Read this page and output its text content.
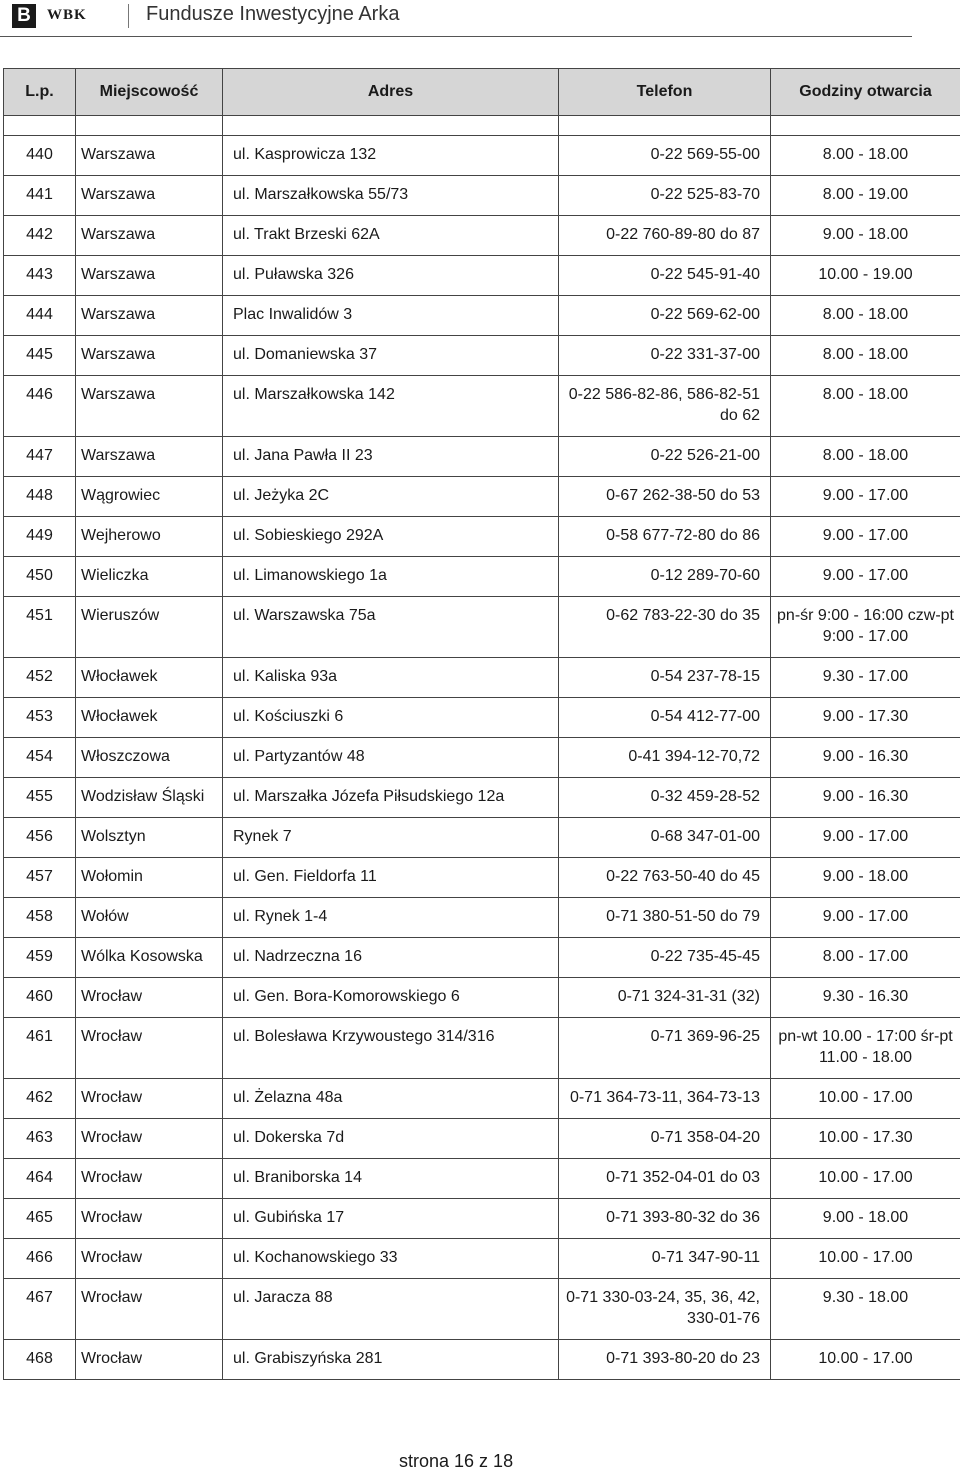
B	WBK	Fundusze Inwestycyjne Arka
L.p.	Miejscowość	Adres	Telefon	Godziny otwarcia

440	Warszawa	ul. Kasprowicza 132	0-22 569-55-00	8.00 - 18.00
441	Warszawa	ul. Marszałkowska 55/73	0-22 525-83-70	8.00 - 19.00
442	Warszawa	ul. Trakt Brzeski 62A	0-22 760-89-80 do 87	9.00 - 18.00
443	Warszawa	ul. Puławska 326	0-22 545-91-40	10.00 - 19.00
444	Warszawa	Plac Inwalidów 3	0-22 569-62-00	8.00 - 18.00
445	Warszawa	ul. Domaniewska 37	0-22 331-37-00	8.00 - 18.00
446	Warszawa	ul. Marszałkowska 142	0-22 586-82-86, 586-82-51 do 62	8.00 - 18.00
447	Warszawa	ul. Jana Pawła II 23	0-22 526-21-00	8.00 - 18.00
448	Wągrowiec	ul. Jeżyka 2C	0-67 262-38-50 do 53	9.00 - 17.00
449	Wejherowo	ul. Sobieskiego 292A	0-58 677-72-80 do 86	9.00 - 17.00
450	Wieliczka	ul. Limanowskiego 1a	0-12 289-70-60	9.00 - 17.00
451	Wieruszów	ul. Warszawska 75a	0-62 783-22-30 do 35	pn-śr 9:00 - 16:00 czw-pt 9:00 - 17.00
452	Włocławek	ul. Kaliska 93a	0-54 237-78-15	9.30 - 17.00
453	Włocławek	ul. Kościuszki 6	0-54 412-77-00	9.00 - 17.30
454	Włoszczowa	ul. Partyzantów 48	0-41 394-12-70,72	9.00 - 16.30
455	Wodzisław Śląski	ul. Marszałka Józefa Piłsudskiego 12a	0-32 459-28-52	9.00 - 16.30
456	Wolsztyn	Rynek 7	0-68 347-01-00	9.00 - 17.00
457	Wołomin	ul. Gen. Fieldorfa 11	0-22 763-50-40 do 45	9.00 - 18.00
458	Wołów	ul. Rynek 1-4	0-71 380-51-50 do 79	9.00 - 17.00
459	Wólka Kosowska	ul. Nadrzeczna 16	0-22 735-45-45	8.00 - 17.00
460	Wrocław	ul. Gen. Bora-Komorowskiego 6	0-71 324-31-31 (32)	9.30 - 16.30
461	Wrocław	ul. Bolesława Krzywoustego 314/316	0-71 369-96-25	pn-wt 10.00 - 17:00 śr-pt 11.00 - 18.00
462	Wrocław	ul. Żelazna 48a	0-71 364-73-11, 364-73-13	10.00 - 17.00
463	Wrocław	ul. Dokerska 7d	0-71 358-04-20	10.00 - 17.30
464	Wrocław	ul. Braniborska 14	0-71 352-04-01 do 03	10.00 - 17.00
465	Wrocław	ul. Gubińska 17	0-71 393-80-32 do 36	9.00 - 18.00
466	Wrocław	ul. Kochanowskiego 33	0-71 347-90-11	10.00 - 17.00
467	Wrocław	ul. Jaracza 88	0-71 330-03-24, 35, 36, 42, 330-01-76	9.30 - 18.00
468	Wrocław	ul. Grabiszyńska 281	0-71 393-80-20 do 23	10.00 - 17.00
strona 16 z 18
